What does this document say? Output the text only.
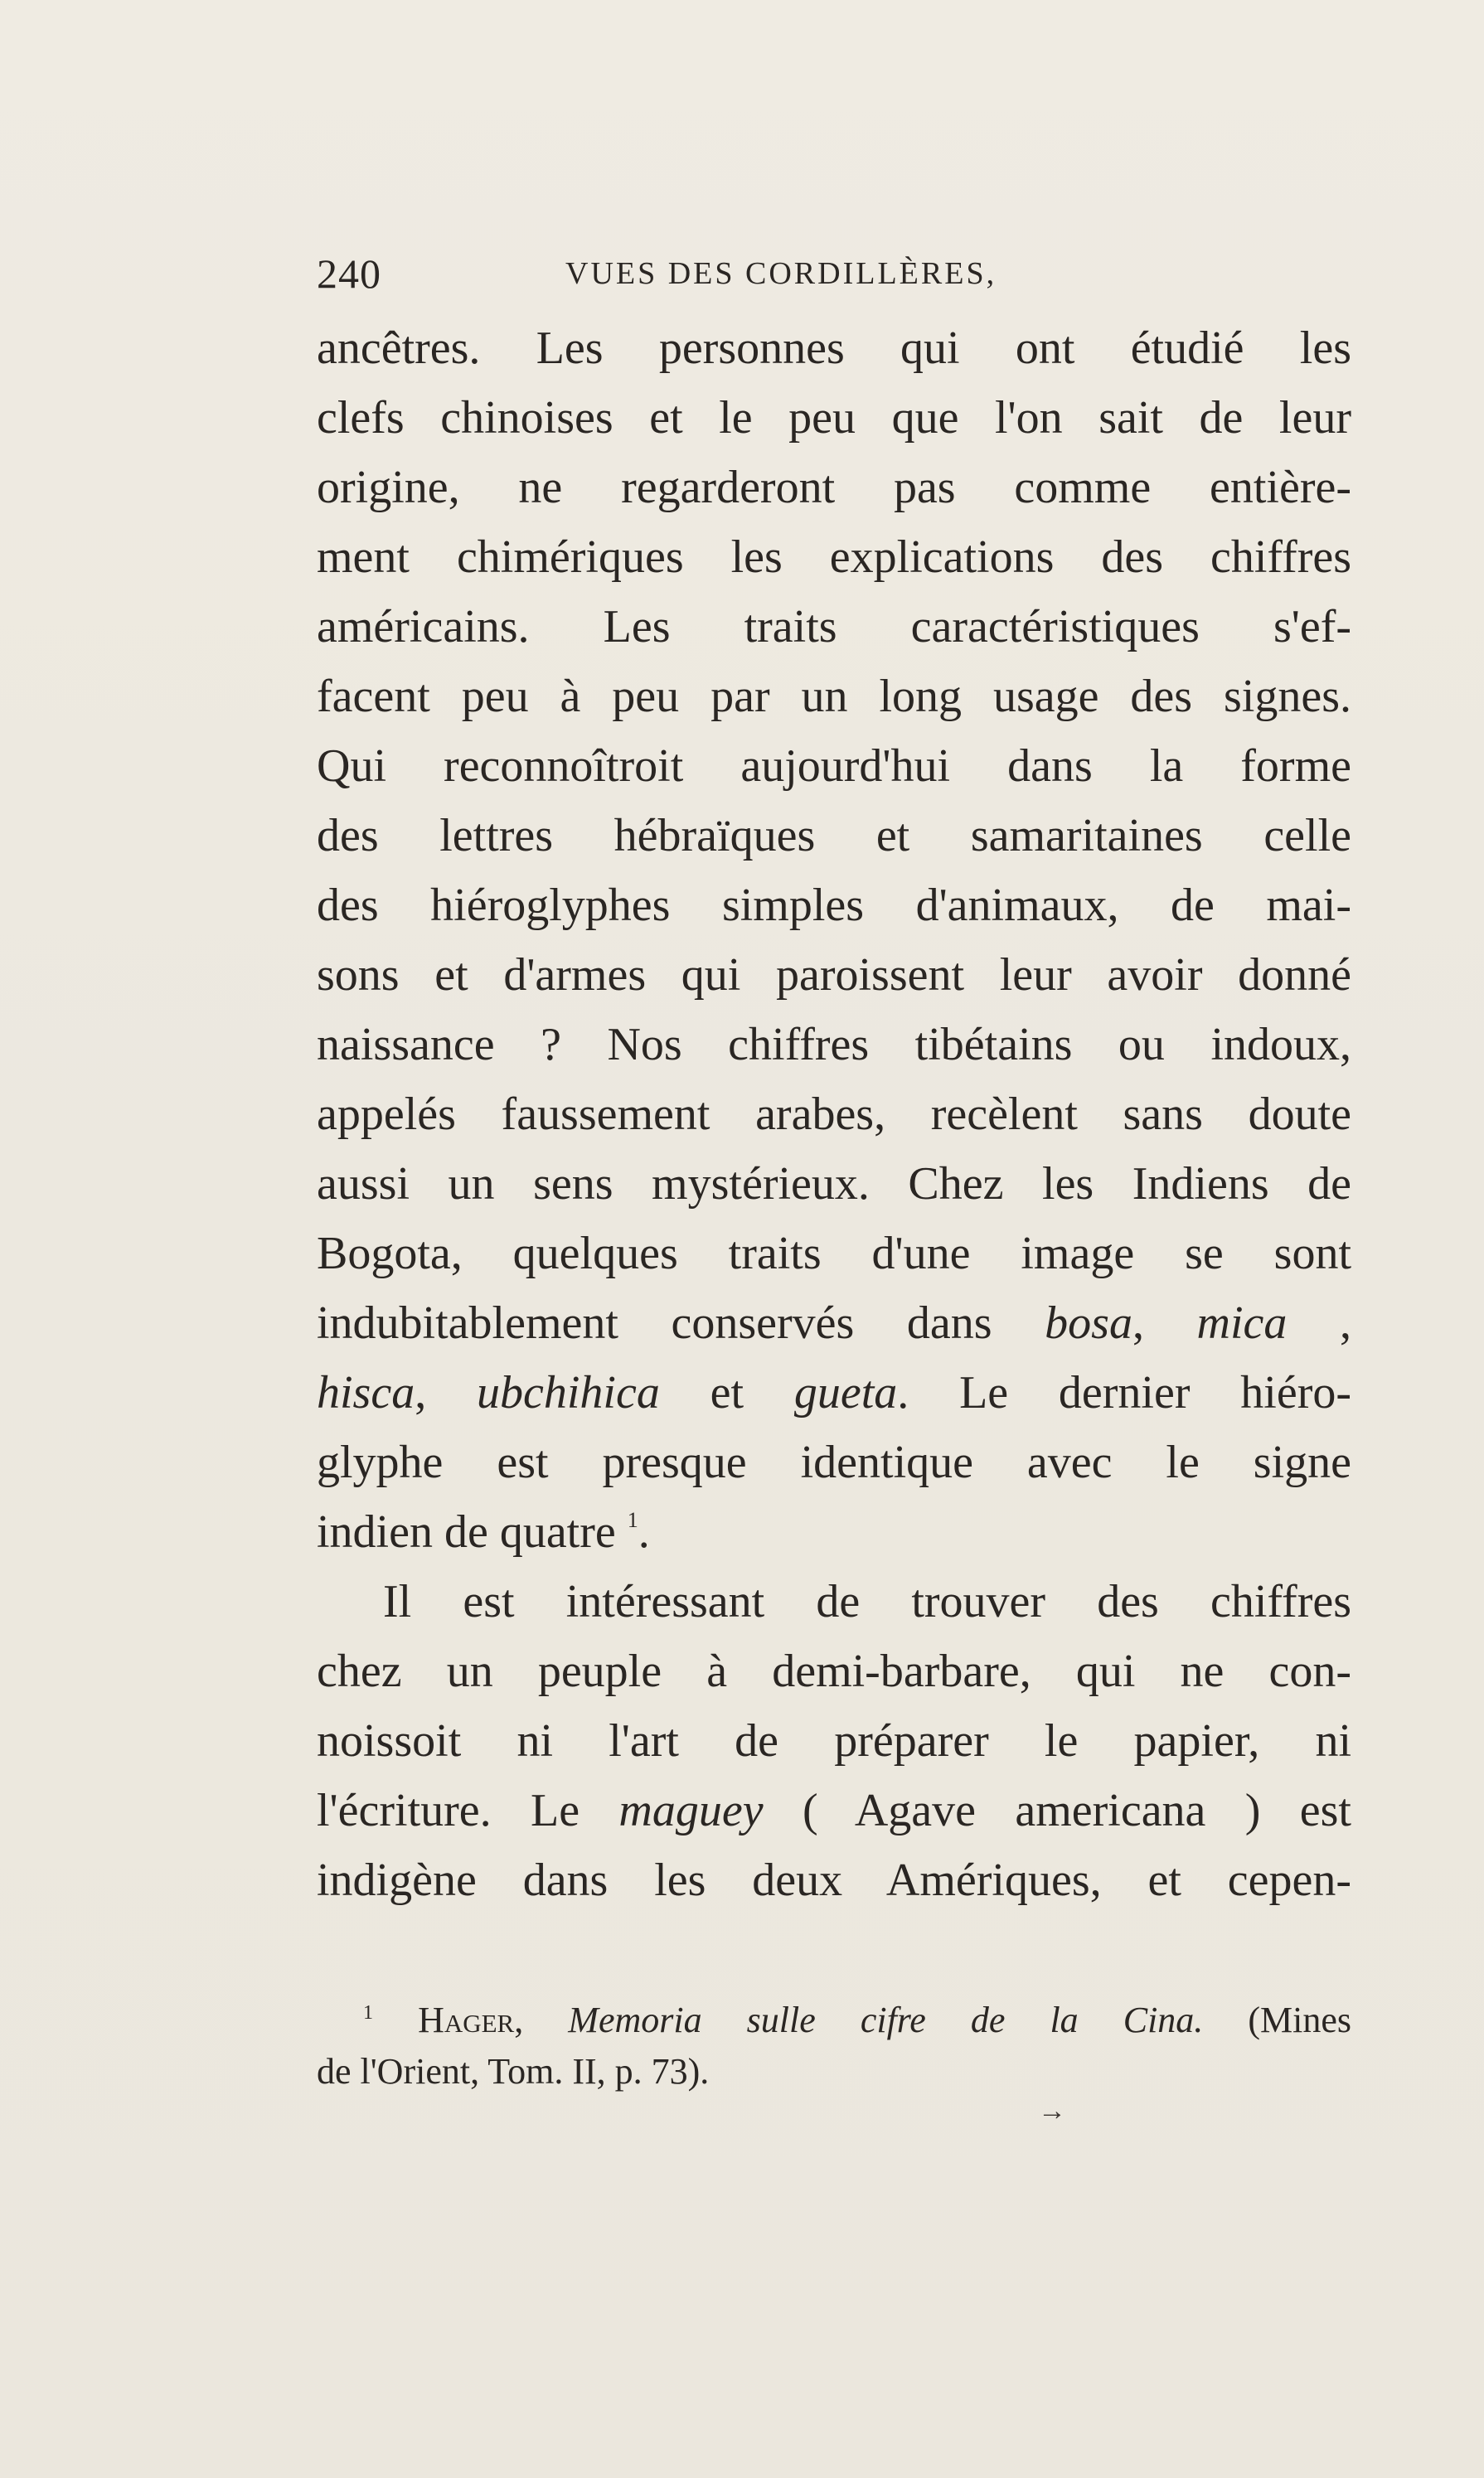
240	VUES DES CORDILLÈRES,
ancêtres. Les personnes qui ont étudié les
clefs chinoises et le peu que l'on sait de leur
origine, ne regarderont pas comme entière-
ment chimériques les explications des chiffres
américains. Les traits caractéristiques s'ef-
facent peu à peu par un long usage des signes.
Qui reconnoîtroit aujourd'hui dans la forme
des lettres hébraïques et samaritaines celle
des hiéroglyphes simples d'animaux, de mai-
sons et d'armes qui paroissent leur avoir donné
naissance ? Nos chiffres tibétains ou indoux,
appelés faussement arabes, recèlent sans doute
aussi un sens mystérieux. Chez les Indiens de
Bogota, quelques traits d'une image se sont
indubitablement conservés dans bosa, mica ,
hisca, ubchihica et gueta. Le dernier hiéro-
glyphe est presque identique avec le signe
indien de quatre $^1$.
Il est intéressant de trouver des chiffres
chez un peuple à demi-barbare, qui ne con-
noissoit ni l'art de préparer le papier, ni
l'écriture. Le maguey ( Agave americana ) est
indigène dans les deux Amériques, et cepen-
$^1$ Hager, Memoria sulle cifre de la Cina. (Mines
de l'Orient, Tom. II, p. 73).
→
